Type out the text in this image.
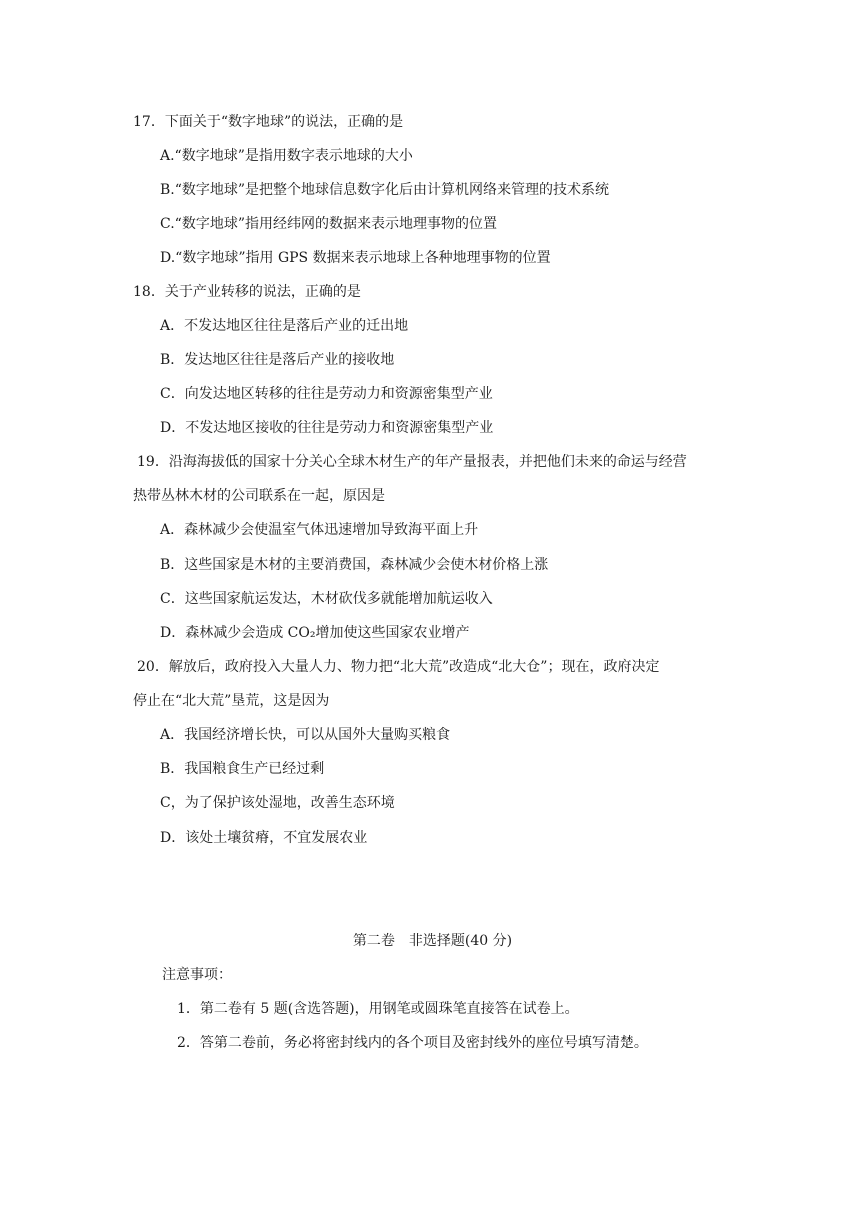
17．下面关于“数字地球”的说法，正确的是
A.“数字地球”是指用数字表示地球的大小
B.“数字地球”是把整个地球信息数字化后由计算机网络来管理的技术系统
C.“数字地球”指用经纬网的数据来表示地理事物的位置
D.“数字地球”指用 GPS 数据来表示地球上各种地理事物的位置
18．关于产业转移的说法，正确的是
A．不发达地区往往是落后产业的迁出地
B．发达地区往往是落后产业的接收地
C．向发达地区转移的往往是劳动力和资源密集型产业
D．不发达地区接收的往往是劳动力和资源密集型产业
19．沿海海拔低的国家十分关心全球木材生产的年产量报表，并把他们未来的命运与经营
热带丛林木材的公司联系在一起，原因是
A．森林减少会使温室气体迅速增加导致海平面上升
B．这些国家是木材的主要消费国，森林减少会使木材价格上涨
C．这些国家航运发达，木材砍伐多就能增加航运收入
D．森林减少会造成 CO₂增加使这些国家农业增产
20．解放后，政府投入大量人力、物力把“北大荒”改造成“北大仓”；现在，政府决定
停止在“北大荒”垦荒，这是因为
A．我国经济增长快，可以从国外大量购买粮食
B．我国粮食生产已经过剩
C，为了保护该处湿地，改善生态环境
D．该处土壤贫瘠，不宜发展农业
第二卷　非选择题(40 分)
注意事项：
1．第二卷有 5 题(含选答题)，用钢笔或圆珠笔直接答在试卷上。
2．答第二卷前，务必将密封线内的各个项目及密封线外的座位号填写清楚。
